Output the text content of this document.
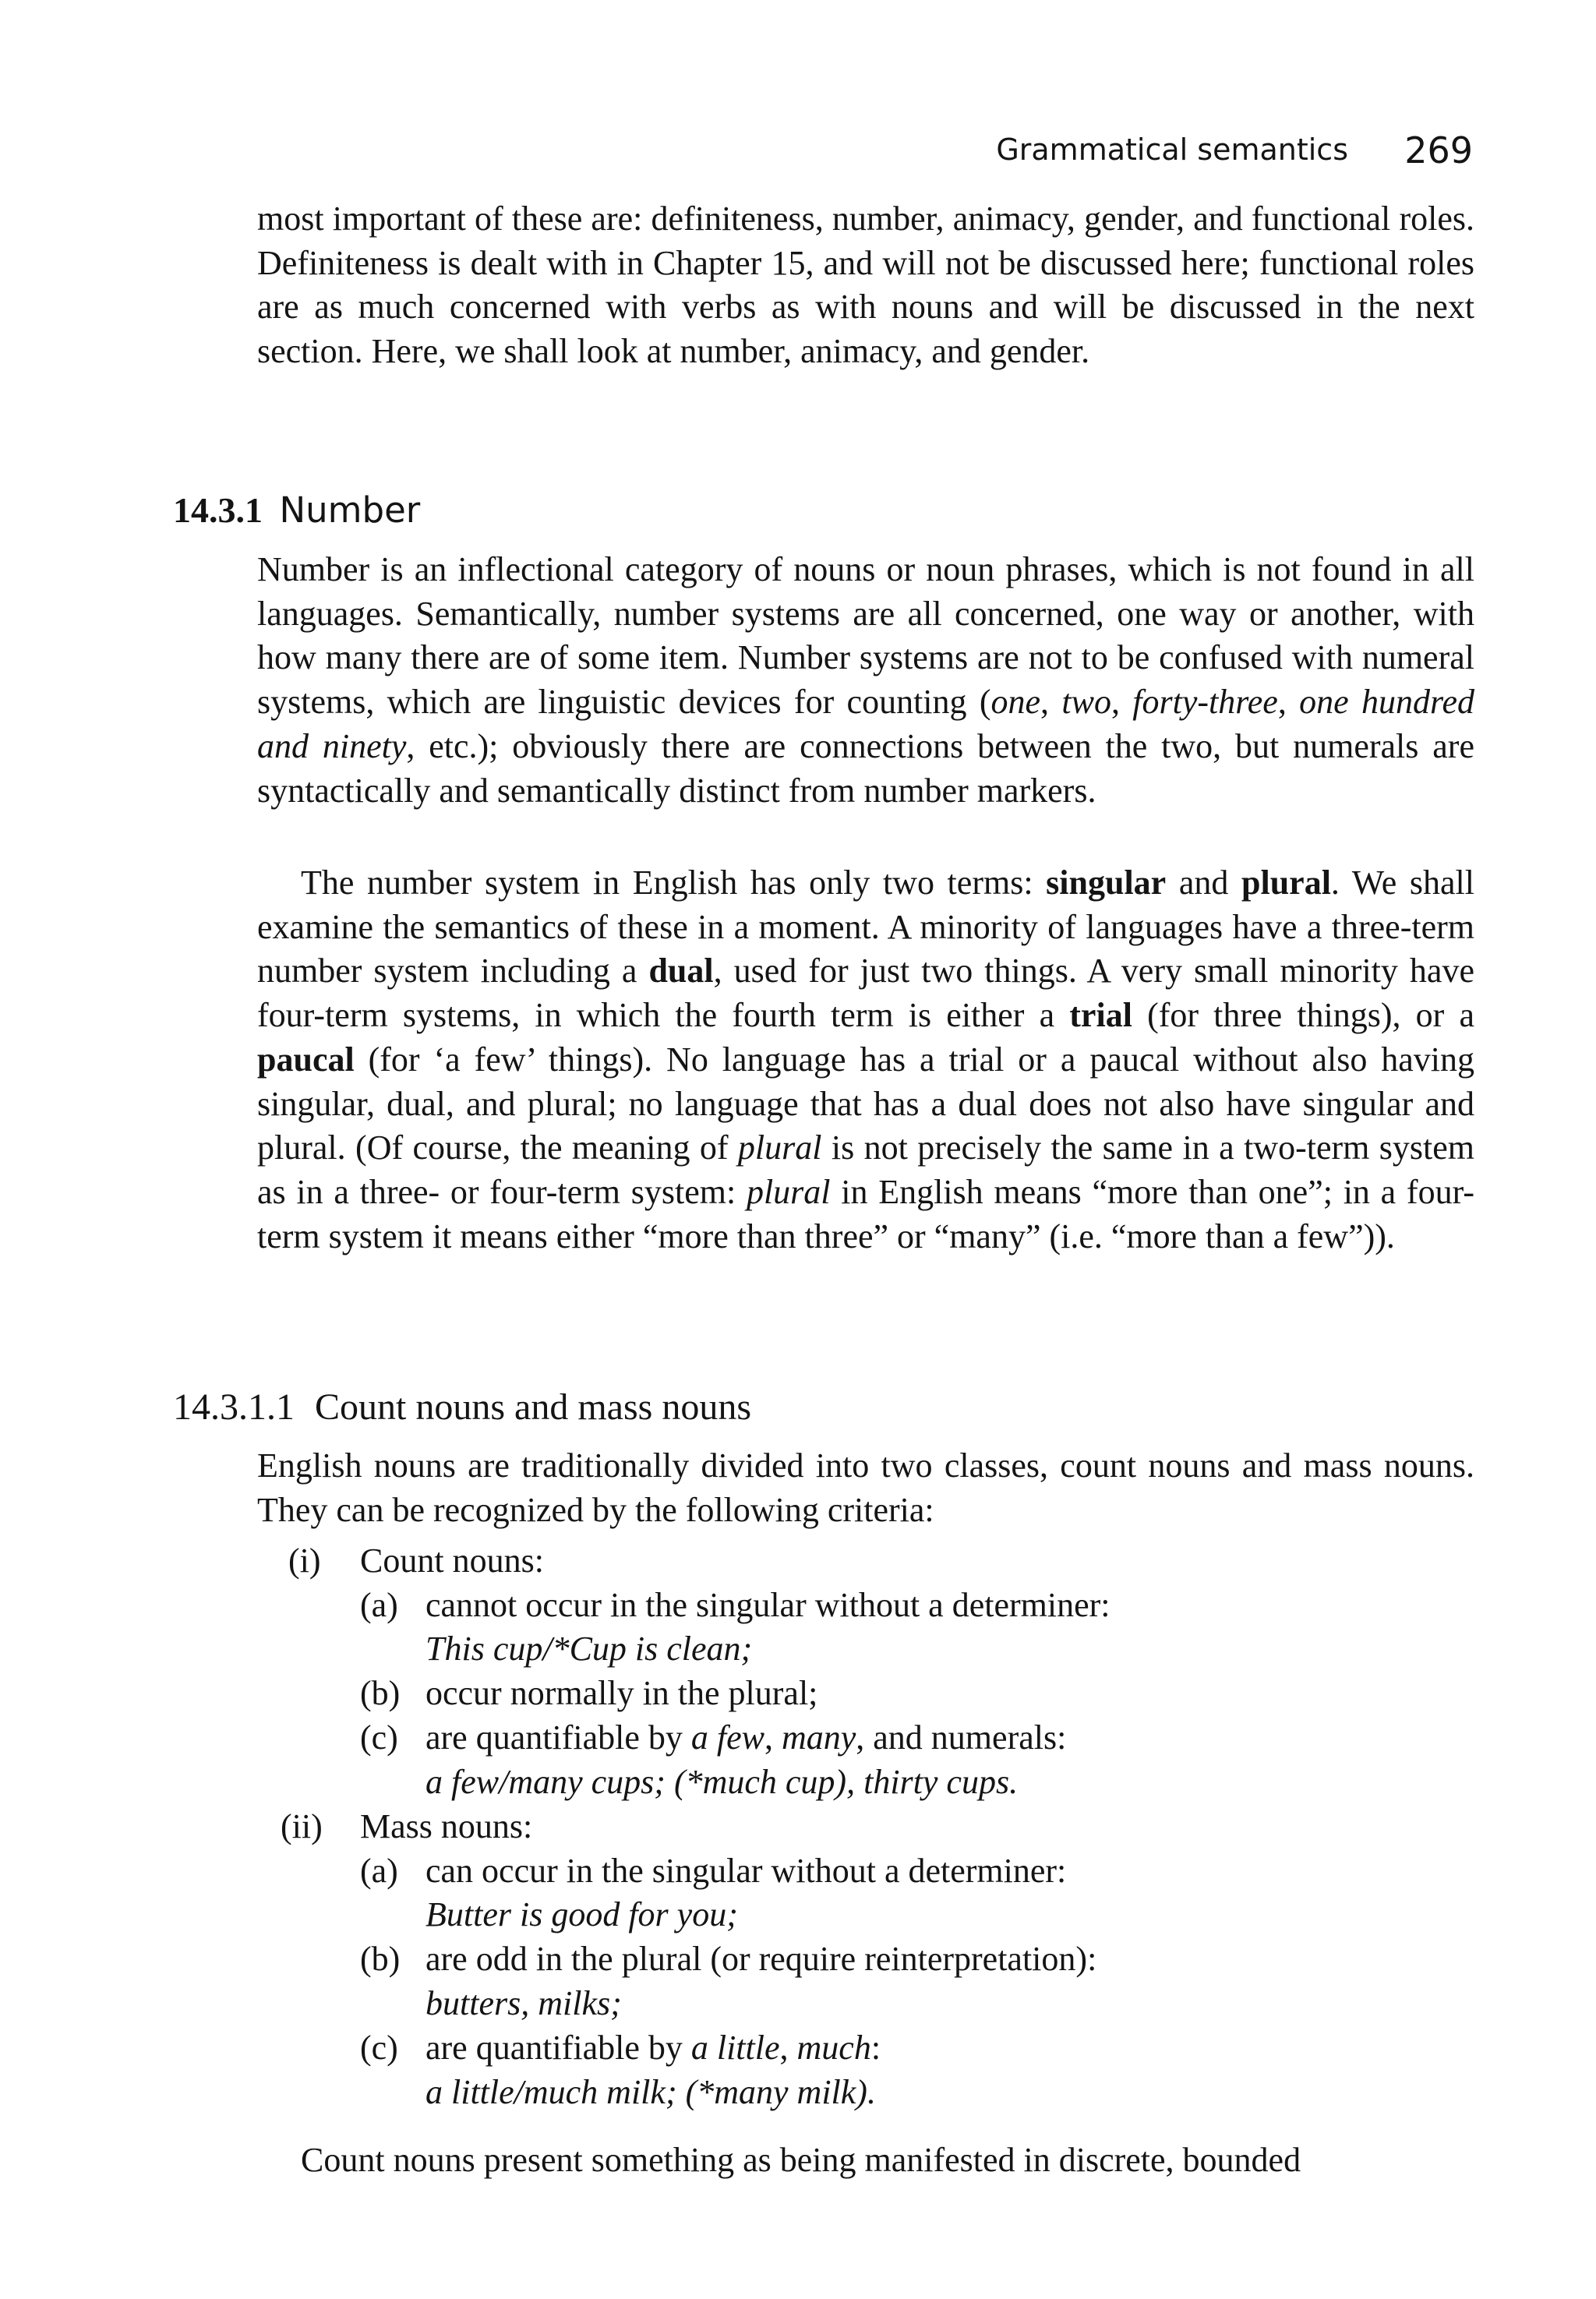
Grammatical semantics 269

most important of these are: definiteness, number, animacy, gender, and functional roles. Definiteness is dealt with in Chapter 15, and will not be discussed here; functional roles are as much concerned with verbs as with nouns and will be discussed in the next section. Here, we shall look at number, animacy, and gender.

14.3.1 Number

Number is an inflectional category of nouns or noun phrases, which is not found in all languages. Semantically, number systems are all concerned, one way or another, with how many there are of some item. Number systems are not to be confused with numeral systems, which are linguistic devices for counting (one, two, forty-three, one hundred and ninety, etc.); obviously there are connections between the two, but numerals are syntactically and semantically distinct from number markers.

The number system in English has only two terms: singular and plural. We shall examine the semantics of these in a moment. A minority of languages have a three-term number system including a dual, used for just two things. A very small minority have four-term systems, in which the fourth term is either a trial (for three things), or a paucal (for ‘a few’ things). No language has a trial or a paucal without also having singular, dual, and plural; no language that has a dual does not also have singular and plural. (Of course, the meaning of plural is not precisely the same in a two-term system as in a three- or four-term system: plural in English means “more than one”; in a four-term system it means either “more than three” or “many” (i.e. “more than a few”)).

14.3.1.1 Count nouns and mass nouns

English nouns are traditionally divided into two classes, count nouns and mass nouns. They can be recognized by the following criteria:

(i) Count nouns:
(a) cannot occur in the singular without a determiner:
This cup/*Cup is clean;
(b) occur normally in the plural;
(c) are quantifiable by a few, many, and numerals:
a few/many cups; (*much cup), thirty cups.
(ii) Mass nouns:
(a) can occur in the singular without a determiner:
Butter is good for you;
(b) are odd in the plural (or require reinterpretation):
butters, milks;
(c) are quantifiable by a little, much:
a little/much milk; (*many milk).

Count nouns present something as being manifested in discrete, bounded
